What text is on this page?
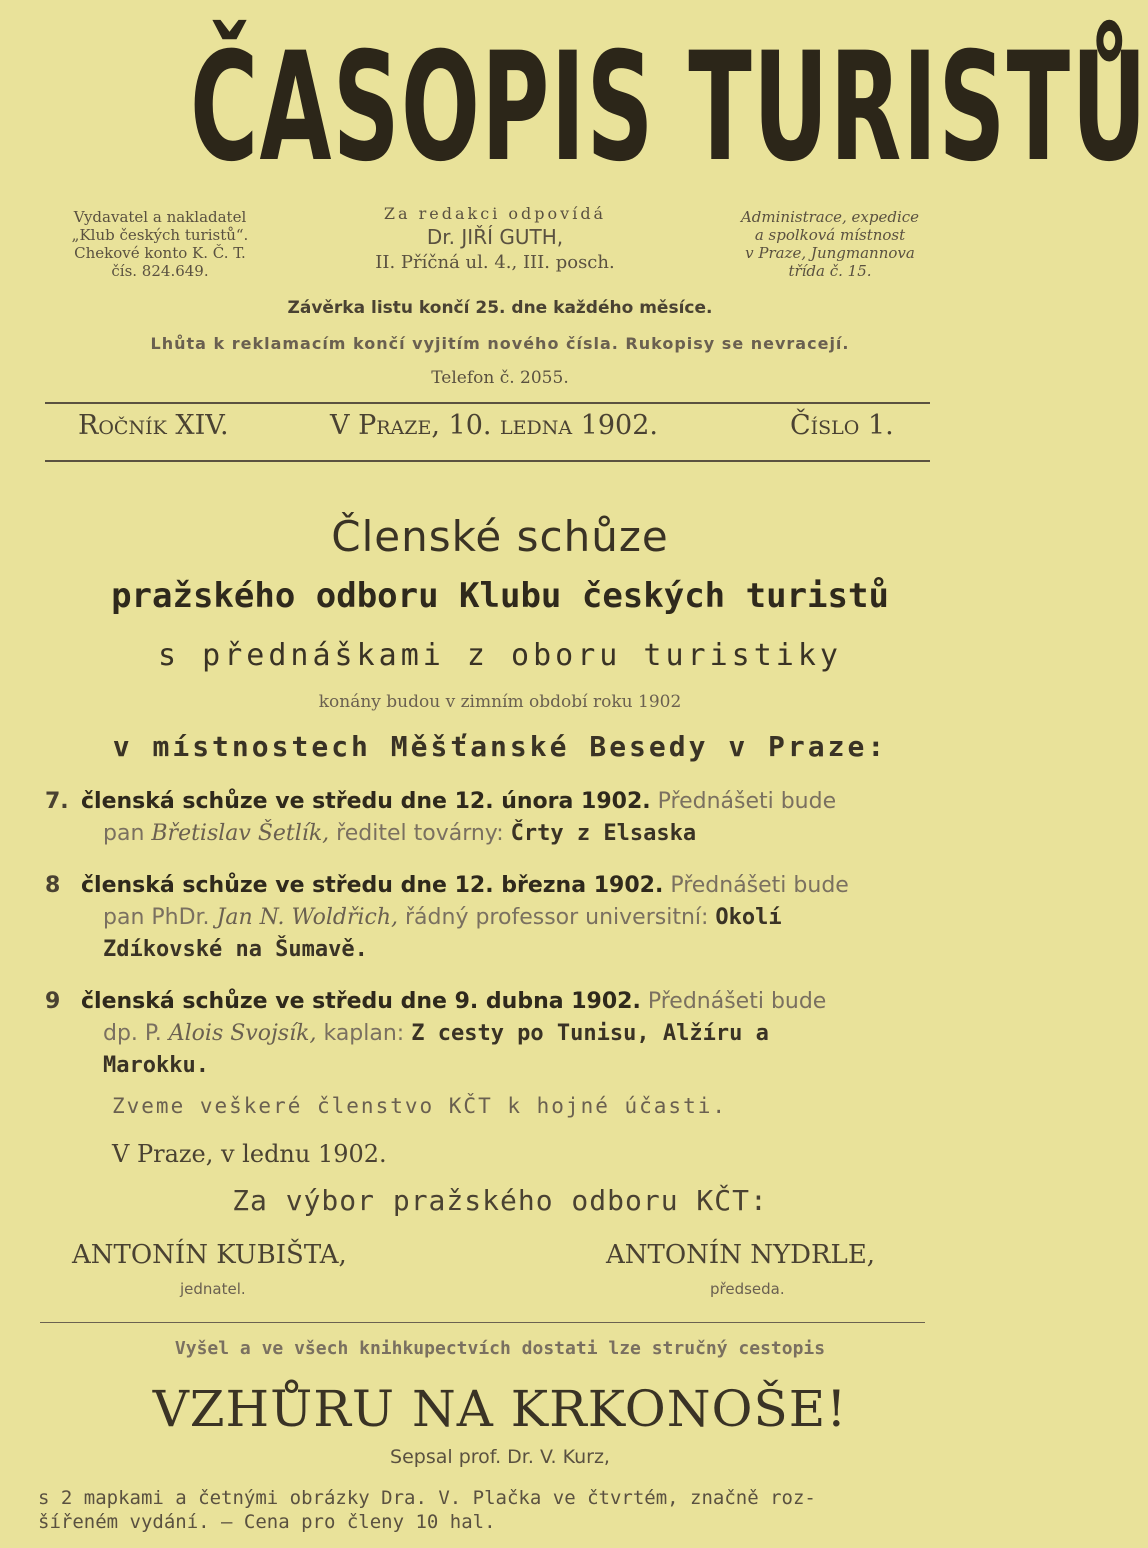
ČASOPIS TURISTŮ
Vydavatel a nakladatel
„Klub českých turistů“.
Chekové konto K. Č. T.
čís. 824.649.
Za redakci odpovídá
Dr. JIŘÍ GUTH,
II. Příčná ul. 4., III. posch.
Administrace, expedice
a spolková místnost
v Praze, Jungmannova
třída č. 15.
Závěrka listu končí 25. dne každého měsíce.
Lhůta k reklamacím končí vyjitím nového čísla. Rukopisy se nevracejí.
Telefon č. 2055.
Ročník XIV.	V Praze, 10. ledna 1902.	Číslo 1.
Členské schůze
pražského odboru Klubu českých turistů
s přednáškami z oboru turistiky
konány budou v zimním období roku 1902
v místnostech Měšťanské Besedy v Praze:
7. členská schůze ve středu dne 12. února 1902. Přednášeti bude
pan Břetislav Šetlík, ředitel továrny: Črty z Elsaska
8 členská schůze ve středu dne 12. března 1902. Přednášeti bude
pan PhDr. Jan N. Woldřich, řádný professor universitní: Okolí
Zdíkovské na Šumavě.
9 členská schůze ve středu dne 9. dubna 1902. Přednášeti bude
dp. P. Alois Svojsík, kaplan: Z cesty po Tunisu, Alžíru a
Marokku.
Zveme veškeré členstvo KČT k hojné účasti.
V Praze, v lednu 1902.
Za výbor pražského odboru KČT:
ANTONÍN KUBIŠTA,
jednatel.
ANTONÍN NYDRLE,
předseda.
Vyšel a ve všech knihkupectvích dostati lze stručný cestopis
VZHŮRU NA KRKONOŠE!
Sepsal prof. Dr. V. Kurz,
s 2 mapkami a četnými obrázky Dra. V. Plačka ve čtvrtém, značně roz-
šířeném vydání. — Cena pro členy 10 hal.
